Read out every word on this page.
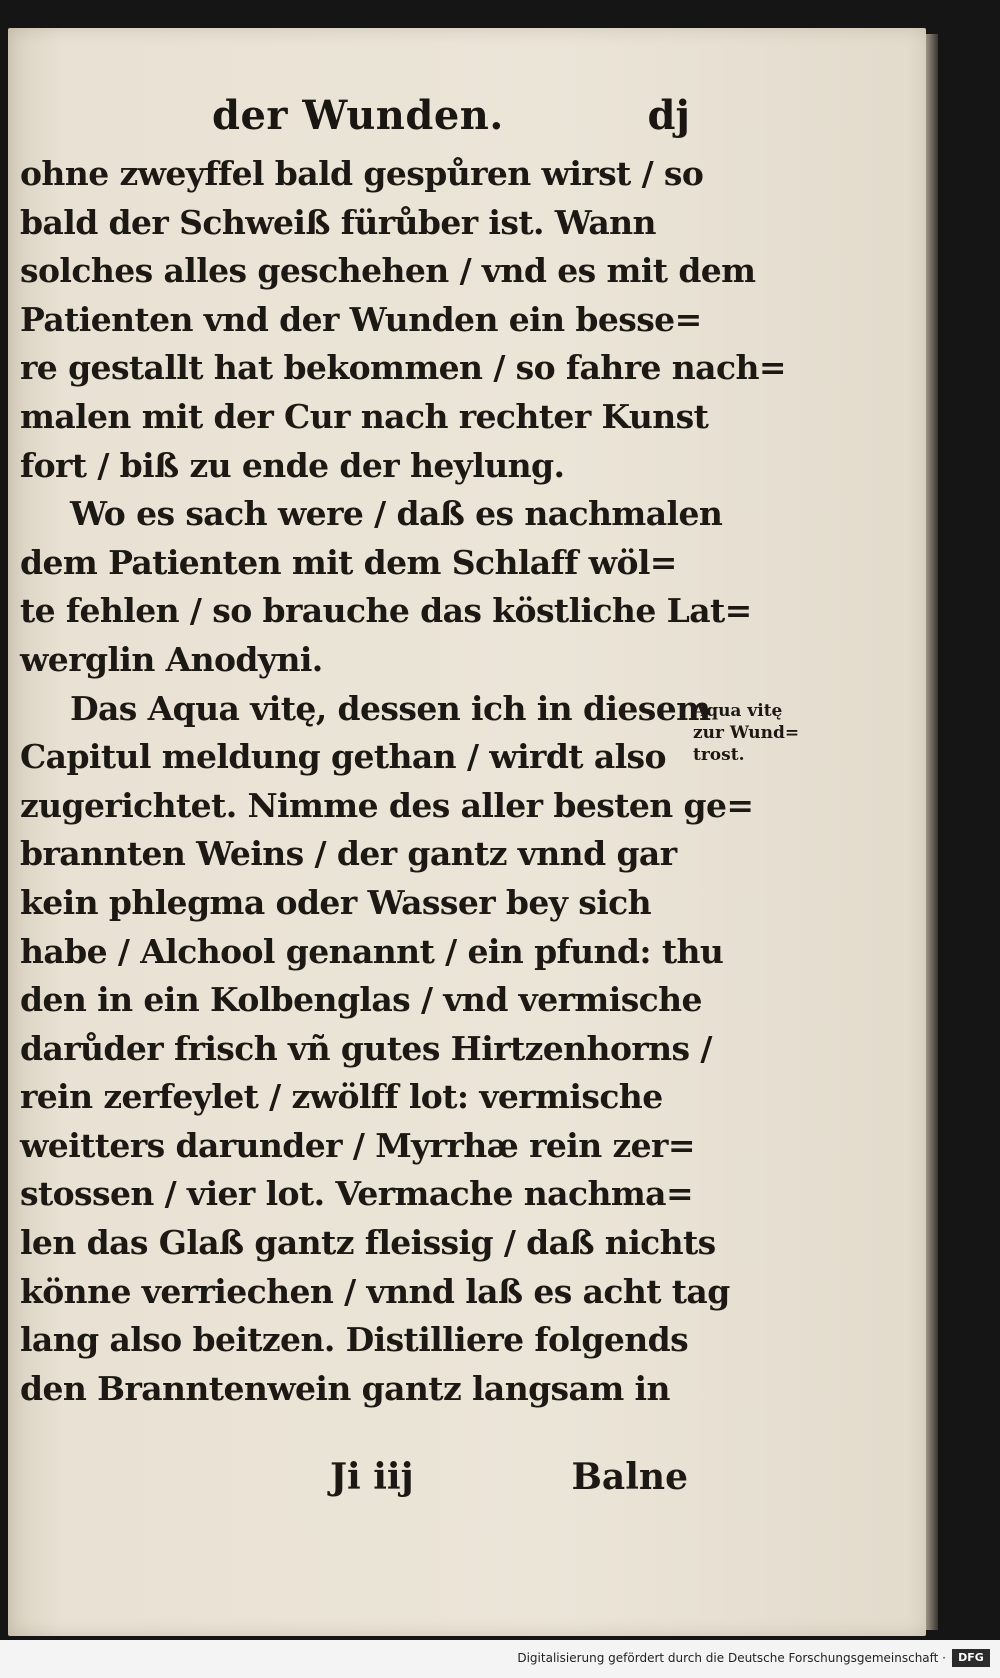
der Wunden.	dj
ohne zweyffel bald gespůren wirst / so
bald der Schweiß fürůber ist. Wann
solches alles geschehen / vnd es mit dem
Patienten vnd der Wunden ein besse=
re gestallt hat bekommen / so fahre nach=
malen mit der Cur nach rechter Kunst
fort / biß zu ende der heylung.
Wo es sach were / daß es nachmalen
dem Patienten mit dem Schlaff wöl=
te fehlen / so brauche das köstliche Lat=
werglin Anodyni.
Das Aqua vitę, dessen ich in diesem
Capitul meldung gethan / wirdt also
zugerichtet. Nimme des aller besten ge=
brannten Weins / der gantz vnnd gar
kein phlegma oder Wasser bey sich
habe / Alchool genannt / ein pfund: thu
den in ein Kolbenglas / vnd vermische
darůder frisch vñ gutes Hirtzenhorns /
rein zerfeylet / zwölff lot: vermische
weitters darunder / Myrrhæ rein zer=
stossen / vier lot. Vermache nachma=
len das Glaß gantz fleissig / daß nichts
könne verriechen / vnnd laß es acht tag
lang also beitzen. Distilliere folgends
den Branntenwein gantz langsam in
Aqua vitę
zur Wund=
trost.
Ji iij	Balne
Digitalisierung gefördert durch die Deutsche Forschungsgemeinschaft ·	DFG
